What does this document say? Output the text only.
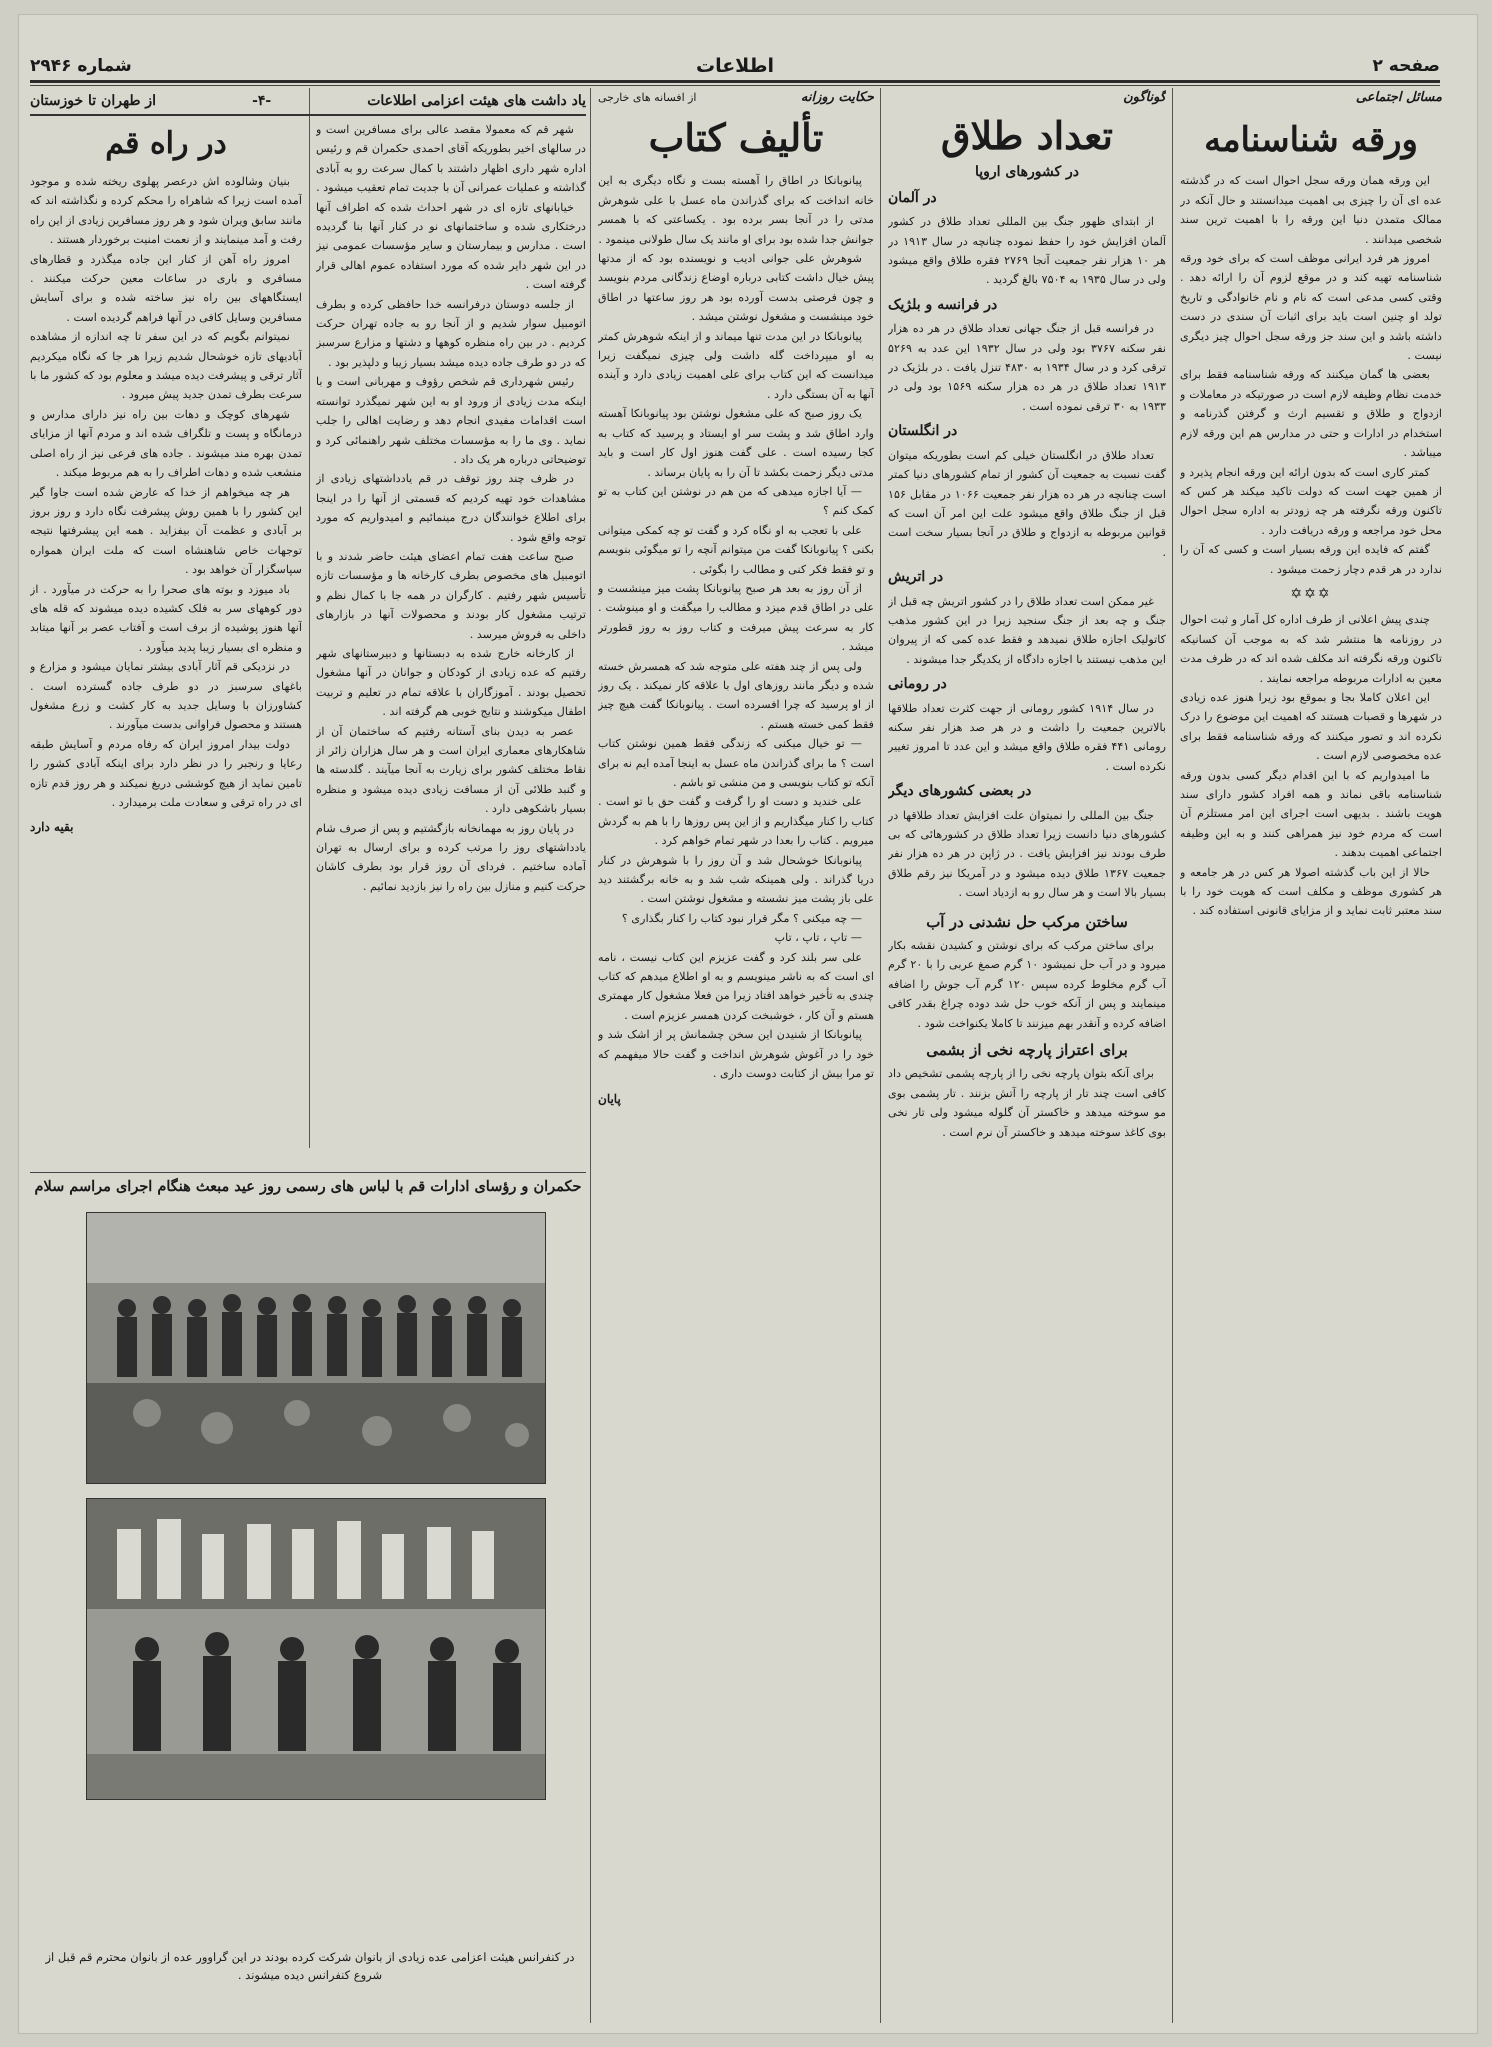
صفحه ۲
اطلاعات
شماره ۲۹۴۶
مسائل اجتماعی
ورقه شناسنامه

این ورقه همان ورقه سجل احوال است که در گذشته عده ای آن را چیزی بی اهمیت میدانستند و حال آنکه در ممالک متمدن دنیا این ورقه را با اهمیت ترین سند شخصی میدانند .

امروز هر فرد ایرانی موظف است که برای خود ورقه شناسنامه تهیه کند و در موقع لزوم آن را ارائه دهد . وقتی کسی مدعی است که نام و نام خانوادگی و تاریخ تولد او چنین است باید برای اثبات آن سندی در دست داشته باشد و این سند جز ورقه سجل احوال چیز دیگری نیست .

بعضی ها گمان میکنند که ورقه شناسنامه فقط برای خدمت نظام وظیفه لازم است در صورتیکه در معاملات و ازدواج و طلاق و تقسیم ارث و گرفتن گذرنامه و استخدام در ادارات و حتی در مدارس هم این ورقه لازم میباشد .

کمتر کاری است که بدون ارائه این ورقه انجام پذیرد و از همین جهت است که دولت تاکید میکند هر کس که تاکنون ورقه نگرفته هر چه زودتر به اداره سجل احوال محل خود مراجعه و ورقه دریافت دارد .

گفتم که فایده این ورقه بسیار است و کسی که آن را ندارد در هر قدم دچار زحمت میشود .

✡✡✡

چندی پیش اعلانی از طرف اداره کل آمار و ثبت احوال در روزنامه ها منتشر شد که به موجب آن کسانیکه تاکنون ورقه نگرفته اند مکلف شده اند که در ظرف مدت معین به ادارات مربوطه مراجعه نمایند .

این اعلان کاملا بجا و بموقع بود زیرا هنوز عده زیادی در شهرها و قصبات هستند که اهمیت این موضوع را درک نکرده اند و تصور میکنند که ورقه شناسنامه فقط برای عده مخصوصی لازم است .

ما امیدواریم که با این اقدام دیگر کسی بدون ورقه شناسنامه باقی نماند و همه افراد کشور دارای سند هویت باشند . بدیهی است اجرای این امر مستلزم آن است که مردم خود نیز همراهی کنند و به این وظیفه اجتماعی اهمیت بدهند .

حالا از این باب گذشته اصولا هر کس در هر جامعه و هر کشوری موظف و مکلف است که هویت خود را با سند معتبر ثابت نماید و از مزایای قانونی استفاده کند .

گوناگون
تعداد طلاق
در کشورهای اروپا
در آلمان

از ابتدای ظهور جنگ بین المللی تعداد طلاق در کشور آلمان افزایش خود را حفظ نموده چنانچه در سال ۱۹۱۳ در هر ۱۰ هزار نفر جمعیت آنجا ۲۷۶۹ فقره طلاق واقع میشود ولی در سال ۱۹۳۵ به ۷۵۰۴ بالغ گردید .

در فرانسه و بلژیک

در فرانسه قبل از جنگ جهانی تعداد طلاق در هر ده هزار نفر سکنه ۳۷۶۷ بود ولی در سال ۱۹۳۲ این عدد به ۵۲۶۹ ترقی کرد و در سال ۱۹۳۴ به ۴۸۳۰ تنزل یافت . در بلژیک در ۱۹۱۳ تعداد طلاق در هر ده هزار سکنه ۱۵۶۹ بود ولی در ۱۹۳۳ به ۳۰ ترقی نموده است .

در انگلستان

تعداد طلاق در انگلستان خیلی کم است بطوریکه میتوان گفت نسبت به جمعیت آن کشور از تمام کشورهای دنیا کمتر است چنانچه در هر ده هزار نفر جمعیت ۱۰۶۶ در مقابل ۱۵۶ قبل از جنگ طلاق واقع میشود علت این امر آن است که قوانین مربوطه به ازدواج و طلاق در آنجا بسیار سخت است .

در اتریش

غیر ممکن است تعداد طلاق را در کشور اتریش چه قبل از جنگ و چه بعد از جنگ سنجید زیرا در این کشور مذهب کاتولیک اجازه طلاق نمیدهد و فقط عده کمی که از پیروان این مذهب نیستند با اجازه دادگاه از یکدیگر جدا میشوند .

در رومانی

در سال ۱۹۱۴ کشور رومانی از جهت کثرت تعداد طلاقها بالاترین جمعیت را داشت و در هر صد هزار نفر سکنه رومانی ۴۴۱ فقره طلاق واقع میشد و این عدد تا امروز تغییر نکرده است .

در بعضی کشورهای دیگر

جنگ بین المللی را نمیتوان علت افزایش تعداد طلاقها در کشورهای دنیا دانست زیرا تعداد طلاق در کشورهائی که بی طرف بودند نیز افزایش یافت . در ژاپن در هر ده هزار نفر جمعیت ۱۳۶۷ طلاق دیده میشود و در آمریکا نیز رقم طلاق بسیار بالا است و هر سال رو به ازدیاد است .

ساختن مرکب حل نشدنی در آب

برای ساختن مرکب که برای نوشتن و کشیدن نقشه بکار میرود و در آب حل نمیشود ۱۰ گرم صمغ عربی را با ۲۰ گرم آب گرم مخلوط کرده سپس ۱۲۰ گرم آب جوش را اضافه مینمایند و پس از آنکه خوب حل شد دوده چراغ بقدر کافی اضافه کرده و آنقدر بهم میزنند تا کاملا یکنواخت شود .

برای اعتراز پارچه نخی از بشمی

برای آنکه بتوان پارچه نخی را از پارچه پشمی تشخیص داد کافی است چند تار از پارچه را آتش بزنند . تار پشمی بوی مو سوخته میدهد و خاکستر آن گلوله میشود ولی تار نخی بوی کاغذ سوخته میدهد و خاکستر آن نرم است .

حکایت روزانه
از افسانه های خارجی
تألیف کتاب

پیانوبانکا در اطاق را آهسته بست و نگاه دیگری به این خانه انداخت که برای گذراندن ماه عسل با علی شوهرش مدتی را در آنجا بسر برده بود . یکساعتی که با همسر جوانش جدا شده بود برای او مانند یک سال طولانی مینمود .

شوهرش علی جوانی ادیب و نویسنده بود که از مدتها پیش خیال داشت کتابی درباره اوضاع زندگانی مردم بنویسد و چون فرصتی بدست آورده بود هر روز ساعتها در اطاق خود مینشست و مشغول نوشتن میشد .

پیانوبانکا در این مدت تنها میماند و از اینکه شوهرش کمتر به او میپرداخت گله داشت ولی چیزی نمیگفت زیرا میدانست که این کتاب برای علی اهمیت زیادی دارد و آینده آنها به آن بستگی دارد .

یک روز صبح که علی مشغول نوشتن بود پیانوبانکا آهسته وارد اطاق شد و پشت سر او ایستاد و پرسید که کتاب به کجا رسیده است . علی گفت هنوز اول کار است و باید مدتی دیگر زحمت بکشد تا آن را به پایان برساند .

— آیا اجازه میدهی که من هم در نوشتن این کتاب به تو کمک کنم ؟

علی با تعجب به او نگاه کرد و گفت تو چه کمکی میتوانی بکنی ؟ پیانوبانکا گفت من میتوانم آنچه را تو میگوئی بنویسم و تو فقط فکر کنی و مطالب را بگوئی .

از آن روز به بعد هر صبح پیانوبانکا پشت میز مینشست و علی در اطاق قدم میزد و مطالب را میگفت و او مینوشت . کار به سرعت پیش میرفت و کتاب روز به روز قطورتر میشد .

ولی پس از چند هفته علی متوجه شد که همسرش خسته شده و دیگر مانند روزهای اول با علاقه کار نمیکند . یک روز از او پرسید که چرا افسرده است . پیانوبانکا گفت هیچ چیز فقط کمی خسته هستم .

— تو خیال میکنی که زندگی فقط همین نوشتن کتاب است ؟ ما برای گذراندن ماه عسل به اینجا آمده ایم نه برای آنکه تو کتاب بنویسی و من منشی تو باشم .

علی خندید و دست او را گرفت و گفت حق با تو است . کتاب را کنار میگذاریم و از این پس روزها را با هم به گردش میرویم . کتاب را بعدا در شهر تمام خواهم کرد .

پیانوبانکا خوشحال شد و آن روز را با شوهرش در کنار دریا گذراند . ولی همینکه شب شد و به خانه برگشتند دید علی باز پشت میز نشسته و مشغول نوشتن است .

— چه میکنی ؟ مگر قرار نبود کتاب را کنار بگذاری ؟

— تاپ ، تاپ ، تاپ

علی سر بلند کرد و گفت عزیزم این کتاب نیست ، نامه ای است که به ناشر مینویسم و به او اطلاع میدهم که کتاب چندی به تأخیر خواهد افتاد زیرا من فعلا مشغول کار مهمتری هستم و آن کار ، خوشبخت کردن همسر عزیزم است .

پیانوبانکا از شنیدن این سخن چشمانش پر از اشک شد و خود را در آغوش شوهرش انداخت و گفت حالا میفهمم که تو مرا بیش از کتابت دوست داری .

پایان
یاد داشت های هیئت اعزامی اطلاعات
-۴-
از طهران تا خوزستان

شهر قم که معمولا مقصد عالی برای مسافرین است و در سالهای اخیر بطوریکه آقای احمدی حکمران قم و رئیس اداره شهر داری اظهار داشتند با کمال سرعت رو به آبادی گذاشته و عملیات عمرانی آن با جدیت تمام تعقیب میشود .

خیابانهای تازه ای در شهر احداث شده که اطراف آنها درختکاری شده و ساختمانهای نو در کنار آنها بنا گردیده است . مدارس و بیمارستان و سایر مؤسسات عمومی نیز در این شهر دایر شده که مورد استفاده عموم اهالی قرار گرفته است .

از جلسه دوستان درفرانسه خدا حافظی کرده و بطرف اتومبیل سوار شدیم و از آنجا رو به جاده تهران حرکت کردیم . در بین راه منظره کوهها و دشتها و مزارع سرسبز که در دو طرف جاده دیده میشد بسیار زیبا و دلپذیر بود .

رئیس شهرداری قم شخص رؤوف و مهربانی است و با اینکه مدت زیادی از ورود او به این شهر نمیگذرد توانسته است اقدامات مفیدی انجام دهد و رضایت اهالی را جلب نماید . وی ما را به مؤسسات مختلف شهر راهنمائی کرد و توضیحاتی درباره هر یک داد .

در ظرف چند روز توقف در قم یادداشتهای زیادی از مشاهدات خود تهیه کردیم که قسمتی از آنها را در اینجا برای اطلاع خوانندگان درج مینمائیم و امیدواریم که مورد توجه واقع شود .

صبح ساعت هفت تمام اعضای هیئت حاضر شدند و با اتومبیل های مخصوص بطرف کارخانه ها و مؤسسات تازه تأسیس شهر رفتیم . کارگران در همه جا با کمال نظم و ترتیب مشغول کار بودند و محصولات آنها در بازارهای داخلی به فروش میرسد .

از کارخانه خارج شده به دبستانها و دبیرستانهای شهر رفتیم که عده زیادی از کودکان و جوانان در آنها مشغول تحصیل بودند . آموزگاران با علاقه تمام در تعلیم و تربیت اطفال میکوشند و نتایج خوبی هم گرفته اند .

عصر به دیدن بنای آستانه رفتیم که ساختمان آن از شاهکارهای معماری ایران است و هر سال هزاران زائر از نقاط مختلف کشور برای زیارت به آنجا میآیند . گلدسته ها و گنبد طلائی آن از مسافت زیادی دیده میشود و منظره بسیار باشکوهی دارد .

در پایان روز به مهمانخانه بازگشتیم و پس از صرف شام یادداشتهای روز را مرتب کرده و برای ارسال به تهران آماده ساختیم . فردای آن روز قرار بود بطرف کاشان حرکت کنیم و منازل بین راه را نیز بازدید نمائیم .

در راه قم

بنیان وشالوده اش درعصر پهلوی ریخته شده و موجود آمده است زیرا که شاهراه را محکم کرده و نگذاشته اند که مانند سابق ویران شود و هر روز مسافرین زیادی از این راه رفت و آمد مینمایند و از نعمت امنیت برخوردار هستند .

امروز راه آهن از کنار این جاده میگذرد و قطارهای مسافری و باری در ساعات معین حرکت میکنند . ایستگاههای بین راه نیز ساخته شده و برای آسایش مسافرین وسایل کافی در آنها فراهم گردیده است .

نمیتوانم بگویم که در این سفر تا چه اندازه از مشاهده آبادیهای تازه خوشحال شدیم زیرا هر جا که نگاه میکردیم آثار ترقی و پیشرفت دیده میشد و معلوم بود که کشور ما با سرعت بطرف تمدن جدید پیش میرود .

شهرهای کوچک و دهات بین راه نیز دارای مدارس و درمانگاه و پست و تلگراف شده اند و مردم آنها از مزایای تمدن بهره مند میشوند . جاده های فرعی نیز از راه اصلی منشعب شده و دهات اطراف را به هم مربوط میکند .

هر چه میخواهم از خدا که عارض شده است جاوا گیر این کشور را با همین روش پیشرفت نگاه دارد و روز بروز بر آبادی و عظمت آن بیفزاید . همه این پیشرفتها نتیجه توجهات خاص شاهنشاه است که ملت ایران همواره سپاسگزار آن خواهد بود .

باد میوزد و بوته های صحرا را به حرکت در میآورد . از دور کوههای سر به فلک کشیده دیده میشوند که قله های آنها هنوز پوشیده از برف است و آفتاب عصر بر آنها میتابد و منظره ای بسیار زیبا پدید میآورد .

در نزدیکی قم آثار آبادی بیشتر نمایان میشود و مزارع و باغهای سرسبز در دو طرف جاده گسترده است . کشاورزان با وسایل جدید به کار کشت و زرع مشغول هستند و محصول فراوانی بدست میآورند .

دولت بیدار امروز ایران که رفاه مردم و آسایش طبقه رعایا و رنجبر را در نظر دارد برای اینکه آبادی کشور را تامین نماید از هیچ کوششی دریغ نمیکند و هر روز قدم تازه ای در راه ترقی و سعادت ملت برمیدارد .

بقیه دارد
حکمران و رؤسای ادارات قم با لباس های رسمی روز عید مبعث هنگام اجرای مراسم سلام
در کنفرانس هیئت اعزامی عده زیادی از بانوان شرکت کرده بودند در این گراوور عده از بانوان محترم قم قبل از شروع کنفرانس دیده میشوند .
